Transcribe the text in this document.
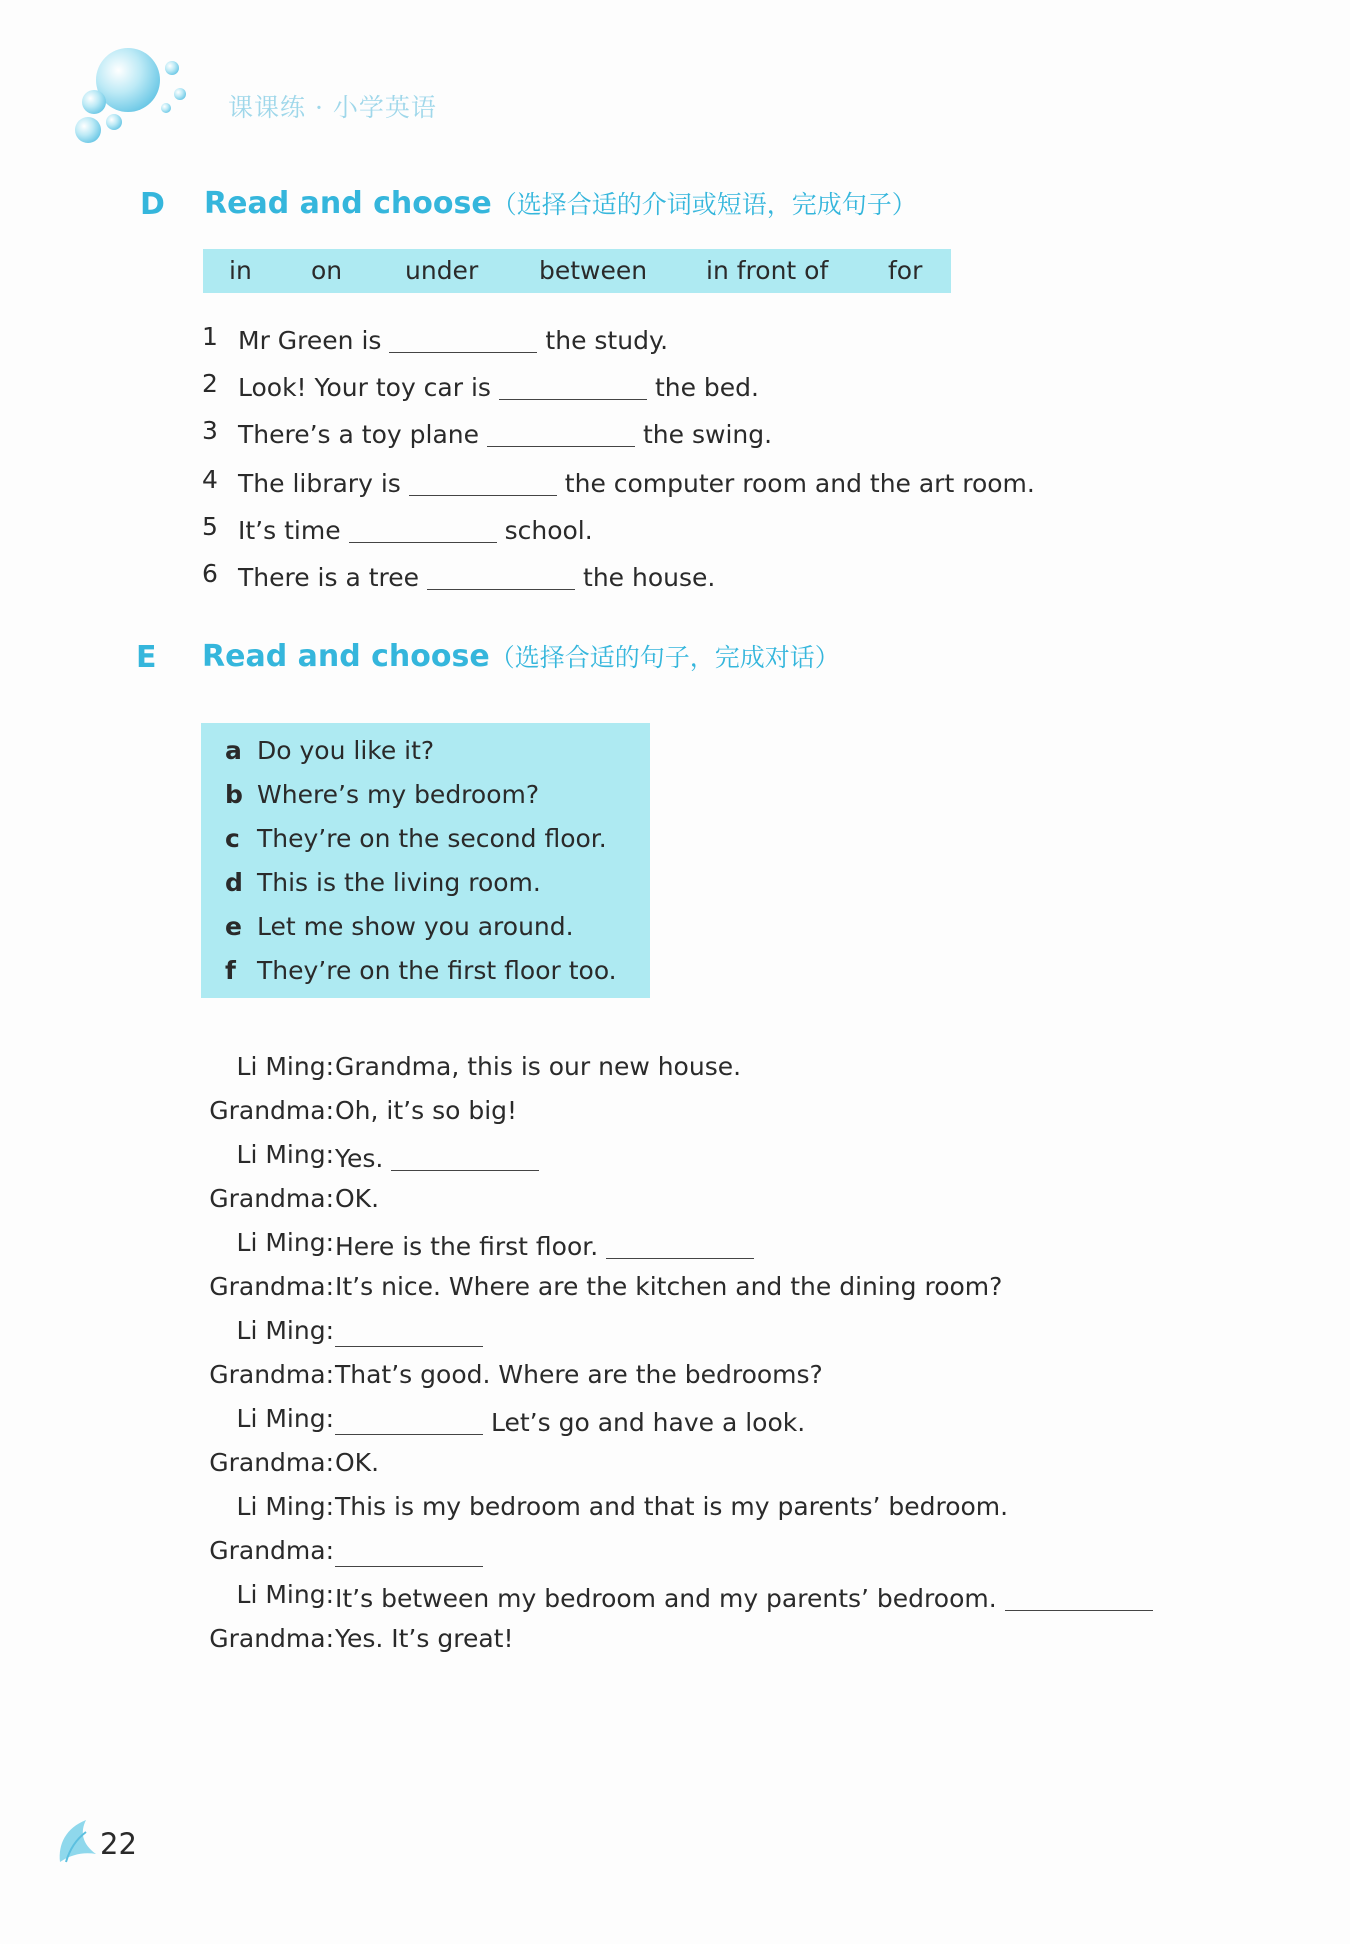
课课练 · 小学英语
D Read and choose（选择合适的介词或短语，完成句子）
in on	under between in front of for
1 Mr Green is	the study.
2 Look! Your toy car is	the bed.
3 There’s a toy plane	the swing.
4 The library is	the computer room and the art room.
5 It’s time	school.
6 There is a tree	the house.
E Read and choose（选择合适的句子，完成对话）
a Do you like it?
b Where’s my bedroom?
c They’re on the second floor.
d This is the living room.
e Let me show you around.
f They’re on the first floor too.
Li Ming: Grandma, this is our new house.
Grandma: Oh, it’s so big!
Li Ming: Yes.
Grandma: OK.
Li Ming: Here is the first floor.
Grandma: It’s nice. Where are the kitchen and the dining room?
Li Ming:
Grandma: That’s good. Where are the bedrooms?
Li Ming:	Let’s go and have a look.
Grandma: OK.
Li Ming: This is my bedroom and that is my parents’ bedroom.
Grandma:
Li Ming: It’s between my bedroom and my parents’ bedroom.
Grandma: Yes. It’s great!
22
